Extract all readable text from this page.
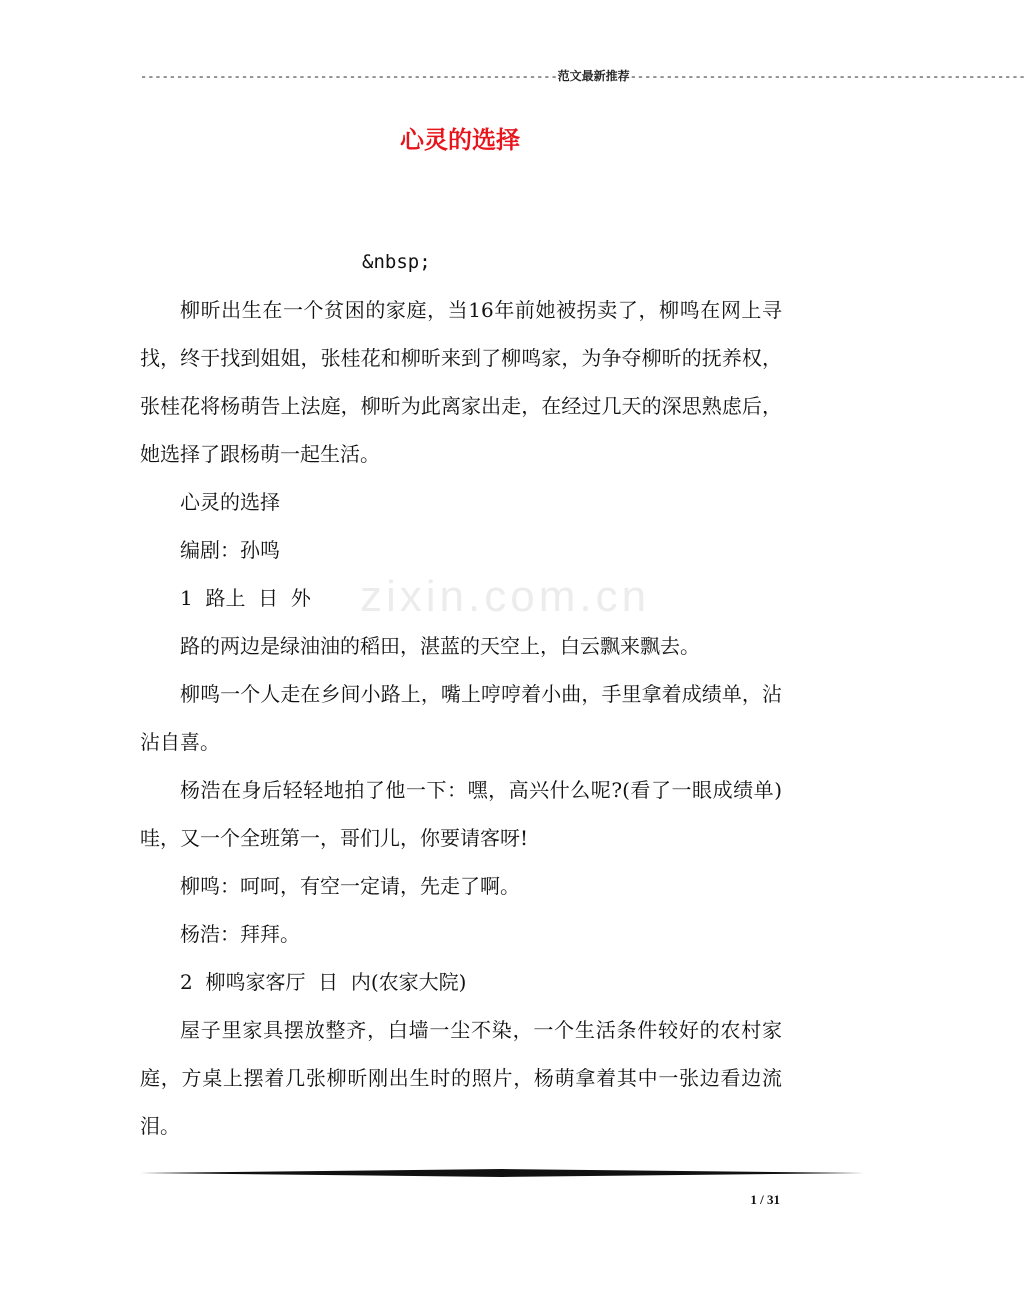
----------------------------------------------------------范文最新推荐-------------------------------------------------------
心灵的选择
zixin.com.cn

&nbsp;

柳昕出生在一个贫困的家庭，当16年前她被拐卖了，柳鸣在网上寻找，终于找到姐姐，张桂花和柳昕来到了柳鸣家，为争夺柳昕的抚养权，张桂花将杨萌告上法庭，柳昕为此离家出走，在经过几天的深思熟虑后，她选择了跟杨萌一起生活。

心灵的选择

编剧：孙鸣

1  路上  日  外

路的两边是绿油油的稻田，湛蓝的天空上，白云飘来飘去。

柳鸣一个人走在乡间小路上，嘴上哼哼着小曲，手里拿着成绩单，沾沾自喜。

杨浩在身后轻轻地拍了他一下：嘿，高兴什么呢?(看了一眼成绩单)哇，又一个全班第一，哥们儿，你要请客呀!

柳鸣：呵呵，有空一定请，先走了啊。

杨浩：拜拜。

2  柳鸣家客厅  日  内(农家大院)

屋子里家具摆放整齐，白墙一尘不染，一个生活条件较好的农村家庭，方桌上摆着几张柳昕刚出生时的照片，杨萌拿着其中一张边看边流泪。

1 / 31
